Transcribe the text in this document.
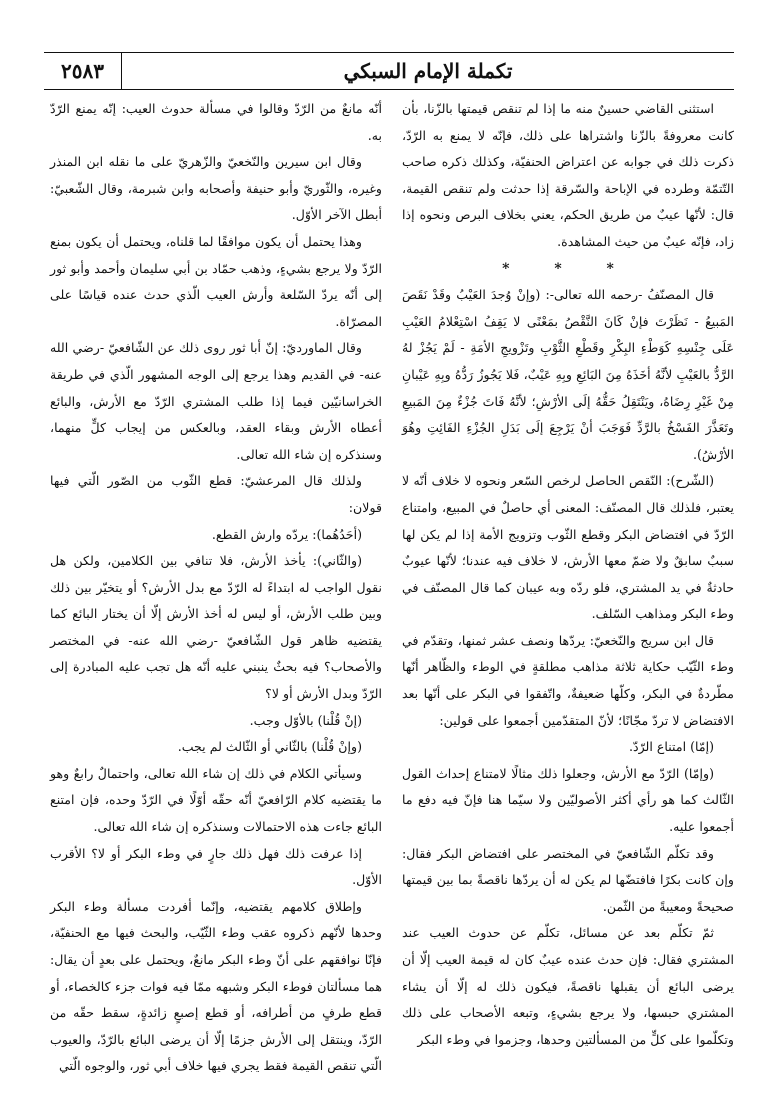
٢٥٨٣	تكملة الإمام السبكي

استثنى القاضي حسينٌ منه ما إذا لم تنقص قيمتها بالزّنا، بأن كانت معروفةً بالزّنا واشتراها على ذلك، فإنّه لا يمنع به الرّدّ، ذكرت ذلك في جوابه عن اعتراض الحنفيّة، وكذلك ذكره صاحب التّتمّة وطرده في الإباحة والسّرقة إذا حدثت ولم تنقص القيمة، قال: لأنّها عيبٌ من طريق الحكم، يعني بخلاف البرص ونحوه إذا زاد، فإنّه عيبٌ من حيث المشاهدة.

* * *

قال المصنّفُ -رحمه الله تعالى-: (وإنْ وُجدَ العَيْبُ وقَدْ نَقَصَ المَبيعُ - نَظَرْتَ فإنْ كَانَ النَّقْصُ بمَعْنًى لا يَقِفُ اسْتِعْلامُ العَيْبِ عَلَى جِنْسِهِ كَوَطْءِ البِكْرِ وقَطْعِ الثَّوْبِ وتَزْويجِ الأمَةِ - لَمْ يَجُزْ لهُ الرَّدُّ بالعَيْبِ لأنَّهُ أخَذَهُ مِنَ البَائِعِ وبِهِ عَيْبٌ، فَلا يَجُوزُ رَدُّهُ وبِهِ عَيْبانِ مِنْ غَيْرِ رِضَاهُ، ويَنْتَقِلُ حَقُّهُ إلَى الأرْشِ؛ لأنَّهُ فَاتَ جُزْءٌ مِنَ المَبيعِ وتَعَذَّرَ الفَسْخُ بالرَّدِّ فَوَجَبَ أنْ يَرْجِعَ إلَى بَدَلِ الجُزْءِ الفَائِتِ وهُوَ الأرْشُ).

(الشّرح): النّقص الحاصل لرخص السّعر ونحوه لا خلاف أنّه لا يعتبر، فلذلك قال المصنّف: المعنى أي حاصلٌ في المبيع، وامتناع الرّدّ في افتضاض البكر وقطع الثّوب وتزويج الأمة إذا لم يكن لها سببٌ سابقٌ ولا ضمّ معها الأرش، لا خلاف فيه عندنا؛ لأنّها عيوبٌ حادثةٌ في يد المشتري، فلو ردّه وبه عيبان كما قال المصنّف في وطء البكر ومذاهب السّلف.

قال ابن سريج والنّخعيّ: يردّها ونصف عشر ثمنها، وتقدّم في وطء الثّيّب حكاية ثلاثة مذاهب مطلقةٍ في الوطء والظّاهر أنّها مطّردةٌ في البكر، وكلّها ضعيفةٌ، واتّفقوا في البكر على أنّها بعد الافتضاض لا تردّ مجّانًا؛ لأنّ المتقدّمين أجمعوا على قولين:

(إمّا) امتناع الرّدّ.

(وإمّا) الرّدّ مع الأرش، وجعلوا ذلك مثالًا لامتناع إحداث القول الثّالث كما هو رأي أكثر الأصوليّين ولا سيّما هنا فإنّ فيه دفع ما أجمعوا عليه.

وقد تكلّم الشّافعيّ في المختصر على افتضاض البكر فقال: وإن كانت بكرًا فافتضّها لم يكن له أن يردّها ناقصةً بما بين قيمتها صحيحةً ومعيبةً من الثّمن.

ثمّ تكلّم بعد عن مسائل، تكلّم عن حدوث العيب عند المشتري فقال: فإن حدث عنده عيبٌ كان له قيمة العيب إلّا أن يرضى البائع أن يقبلها ناقصةً، فيكون ذلك له إلّا أن يشاء المشتري حبسها، ولا يرجع بشيءٍ، وتبعه الأصحاب على ذلك وتكلّموا على كلٍّ من المسألتين وحدها، وجزموا في وطء البكر

أنّه مانعٌ من الرّدّ وقالوا في مسألة حدوث العيب: إنّه يمنع الرّدّ به.

وقال ابن سيرين والنّخعيّ والزّهريّ على ما نقله ابن المنذر وغيره، والثّوريّ وأبو حنيفة وأصحابه وابن شبرمة، وقال الشّعبيّ: أبطل الآخر الأوّل.

وهذا يحتمل أن يكون موافقًا لما قلناه، ويحتمل أن يكون بمنع الرّدّ ولا يرجع بشيءٍ، وذهب حمّاد بن أبي سليمان وأحمد وأبو ثور إلى أنّه يردّ السّلعة وأرش العيب الّذي حدث عنده قياسًا على المصرّاة.

وقال الماورديّ: إنّ أبا ثور روى ذلك عن الشّافعيّ -رضي الله عنه- في القديم وهذا يرجع إلى الوجه المشهور الّذي في طريقة الخراسانيّين فيما إذا طلب المشتري الرّدّ مع الأرش، والبائع أعطاه الأرش وبقاء العقد، وبالعكس من إيجاب كلٍّ منهما، وسنذكره إن شاء الله تعالى.

ولذلك قال المرعشيّ: قطع الثّوب من الصّور الّتي فيها قولان:

(أحَدُهُما): يردّه وارش القطع.

(والثّاني): يأخذ الأرش، فلا تنافي بين الكلامين، ولكن هل نقول الواجب له ابتداءً له الرّدّ مع بدل الأرش؟ أو يتخيّر بين ذلك وبين طلب الأرش، أو ليس له أخذ الأرش إلّا أن يختار البائع كما يقتضيه ظاهر قول الشّافعيّ -رضي الله عنه- في المختصر والأصحاب؟ فيه بحثٌ ينبني عليه أنّه هل تجب عليه المبادرة إلى الرّدّ وبدل الأرش أو لا؟

(إنْ قُلْنا) بالأوّل وجب.

(وإنْ قُلْنا) بالثّاني أو الثّالث لم يجب.

وسيأتي الكلام في ذلك إن شاء الله تعالى، واحتمالٌ رابعٌ وهو ما يقتضيه كلام الرّافعيّ أنّه حقّه أوّلًا في الرّدّ وحده، فإن امتنع البائع جاءت هذه الاحتمالات وسنذكره إن شاء الله تعالى.

إذا عرفت ذلك فهل ذلك جارٍ في وطء البكر أو لا؟ الأقرب الأوّل.

وإطلاق كلامهم يقتضيه، وإنّما أفردت مسألة وطء البكر وحدها لأنّهم ذكروه عقب وطء الثّيّب، والبحث فيها مع الحنفيّة، فإنّا نوافقهم على أنّ وطء البكر مانعٌ، ويحتمل على بعدٍ أن يقال: هما مسألتان فوطء البكر وشبهه ممّا فيه فوات جزء كالخصاء، أو قطع طرفٍ من أطرافه، أو قطع إصبعٍ زائدةٍ، سقط حقّه من الرّدّ، وينتقل إلى الأرش جزمًا إلّا أن يرضى البائع بالرّدّ، والعيوب الّتي تنقص القيمة فقط يجري فيها خلاف أبي ثور، والوجوه الّتي
